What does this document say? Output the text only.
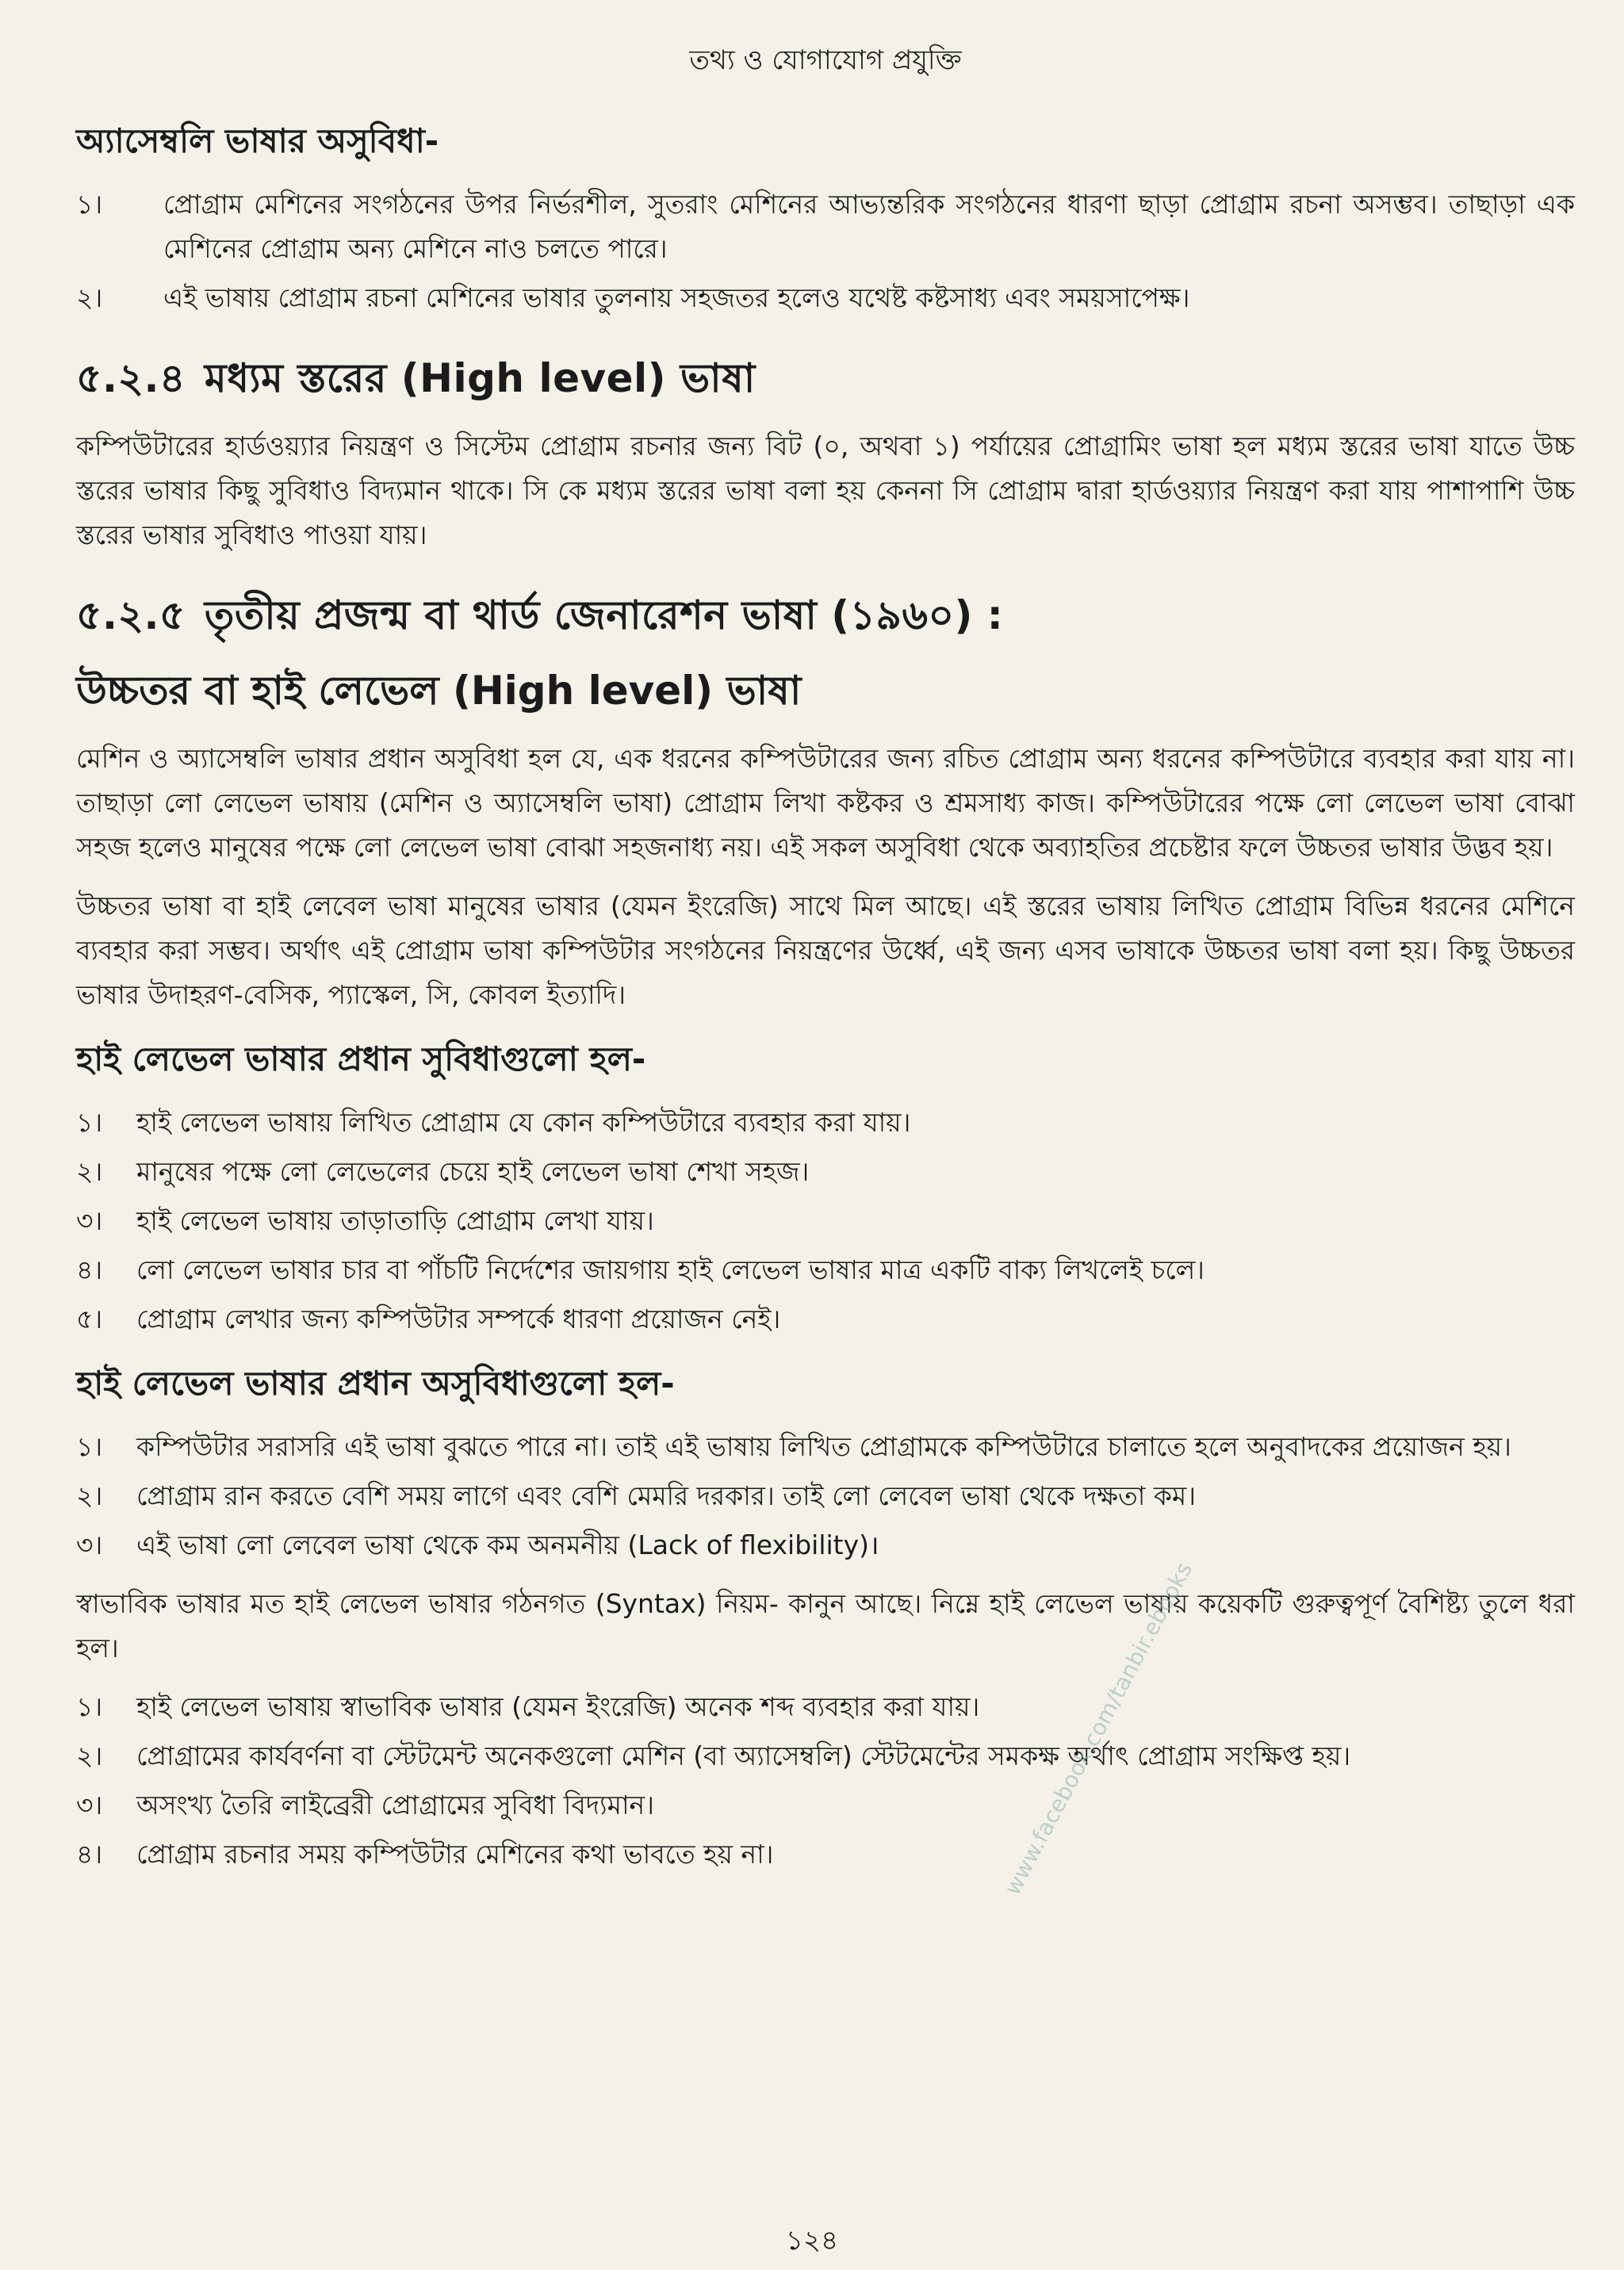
তথ্য ও যোগাযোগ প্রযুক্তি
অ্যাসেম্বলি ভাষার অসুবিধা-
১।	প্রোগ্রাম মেশিনের সংগঠনের উপর নির্ভরশীল, সুতরাং মেশিনের আভ্যন্তরিক সংগঠনের ধারণা ছাড়া প্রোগ্রাম রচনা অসম্ভব। তাছাড়া এক মেশিনের প্রোগ্রাম অন্য মেশিনে নাও চলতে পারে।
২।	এই ভাষায় প্রোগ্রাম রচনা মেশিনের ভাষার তুলনায় সহজতর হলেও যথেষ্ট কষ্টসাধ্য এবং সময়সাপেক্ষ।
৫.২.৪ মধ্যম স্তরের (High level) ভাষা

কম্পিউটারের হার্ডওয়্যার নিয়ন্ত্রণ ও সিস্টেম প্রোগ্রাম রচনার জন্য বিট (০, অথবা ১) পর্যায়ের প্রোগ্রামিং ভাষা হল মধ্যম স্তরের ভাষা যাতে উচ্চ স্তরের ভাষার কিছু সুবিধাও বিদ্যমান থাকে। সি কে মধ্যম স্তরের ভাষা বলা হয় কেননা সি প্রোগ্রাম দ্বারা হার্ডওয়্যার নিয়ন্ত্রণ করা যায় পাশাপাশি উচ্চ স্তরের ভাষার সুবিধাও পাওয়া যায়।

৫.২.৫ তৃতীয় প্রজন্ম বা থার্ড জেনারেশন ভাষা (১৯৬০) :
উচ্চতর বা হাই লেভেল (High level) ভাষা

মেশিন ও অ্যাসেম্বলি ভাষার প্রধান অসুবিধা হল যে, এক ধরনের কম্পিউটারের জন্য রচিত প্রোগ্রাম অন্য ধরনের কম্পিউটারে ব্যবহার করা যায় না। তাছাড়া লো লেভেল ভাষায় (মেশিন ও অ্যাসেম্বলি ভাষা) প্রোগ্রাম লিখা কষ্টকর ও শ্রমসাধ্য কাজ। কম্পিউটারের পক্ষে লো লেভেল ভাষা বোঝা সহজ হলেও মানুষের পক্ষে লো লেভেল ভাষা বোঝা সহজনাধ্য নয়। এই সকল অসুবিধা থেকে অব্যাহতির প্রচেষ্টার ফলে উচ্চতর ভাষার উদ্ভব হয়।

উচ্চতর ভাষা বা হাই লেবেল ভাষা মানুষের ভাষার (যেমন ইংরেজি) সাথে মিল আছে। এই স্তরের ভাষায় লিখিত প্রোগ্রাম বিভিন্ন ধরনের মেশিনে ব্যবহার করা সম্ভব। অর্থাৎ এই প্রোগ্রাম ভাষা কম্পিউটার সংগঠনের নিয়ন্ত্রণের উর্ধ্বে, এই জন্য এসব ভাষাকে উচ্চতর ভাষা বলা হয়। কিছু উচ্চতর ভাষার উদাহরণ-বেসিক, প্যাস্কেল, সি, কোবল ইত্যাদি।

হাই লেভেল ভাষার প্রধান সুবিধাগুলো হল-
১।	হাই লেভেল ভাষায় লিখিত প্রোগ্রাম যে কোন কম্পিউটারে ব্যবহার করা যায়।
২।	মানুষের পক্ষে লো লেভেলের চেয়ে হাই লেভেল ভাষা শেখা সহজ।
৩।	হাই লেভেল ভাষায় তাড়াতাড়ি প্রোগ্রাম লেখা যায়।
৪।	লো লেভেল ভাষার চার বা পাঁচটি নির্দেশের জায়গায় হাই লেভেল ভাষার মাত্র একটি বাক্য লিখলেই চলে।
৫।	প্রোগ্রাম লেখার জন্য কম্পিউটার সম্পর্কে ধারণা প্রয়োজন নেই।
হাই লেভেল ভাষার প্রধান অসুবিধাগুলো হল-
১।	কম্পিউটার সরাসরি এই ভাষা বুঝতে পারে না। তাই এই ভাষায় লিখিত প্রোগ্রামকে কম্পিউটারে চালাতে হলে অনুবাদকের প্রয়োজন হয়।
২।	প্রোগ্রাম রান করতে বেশি সময় লাগে এবং বেশি মেমরি দরকার। তাই লো লেবেল ভাষা থেকে দক্ষতা কম।
৩।	এই ভাষা লো লেবেল ভাষা থেকে কম অনমনীয় (Lack of flexibility)।

স্বাভাবিক ভাষার মত হাই লেভেল ভাষার গঠনগত (Syntax) নিয়ম- কানুন আছে। নিম্নে হাই লেভেল ভাষায় কয়েকটি গুরুত্বপূর্ণ বৈশিষ্ট্য তুলে ধরা হল।

১।	হাই লেভেল ভাষায় স্বাভাবিক ভাষার (যেমন ইংরেজি) অনেক শব্দ ব্যবহার করা যায়।
২।	প্রোগ্রামের কার্যবর্ণনা বা স্টেটমেন্ট অনেকগুলো মেশিন (বা অ্যাসেম্বলি) স্টেটমেন্টের সমকক্ষ অর্থাৎ প্রোগ্রাম সংক্ষিপ্ত হয়।
৩।	অসংখ্য তৈরি লাইব্রেরী প্রোগ্রামের সুবিধা বিদ্যমান।
৪।	প্রোগ্রাম রচনার সময় কম্পিউটার মেশিনের কথা ভাবতে হয় না।	www.facebook.com/tanbir.ebooks
১২৪
